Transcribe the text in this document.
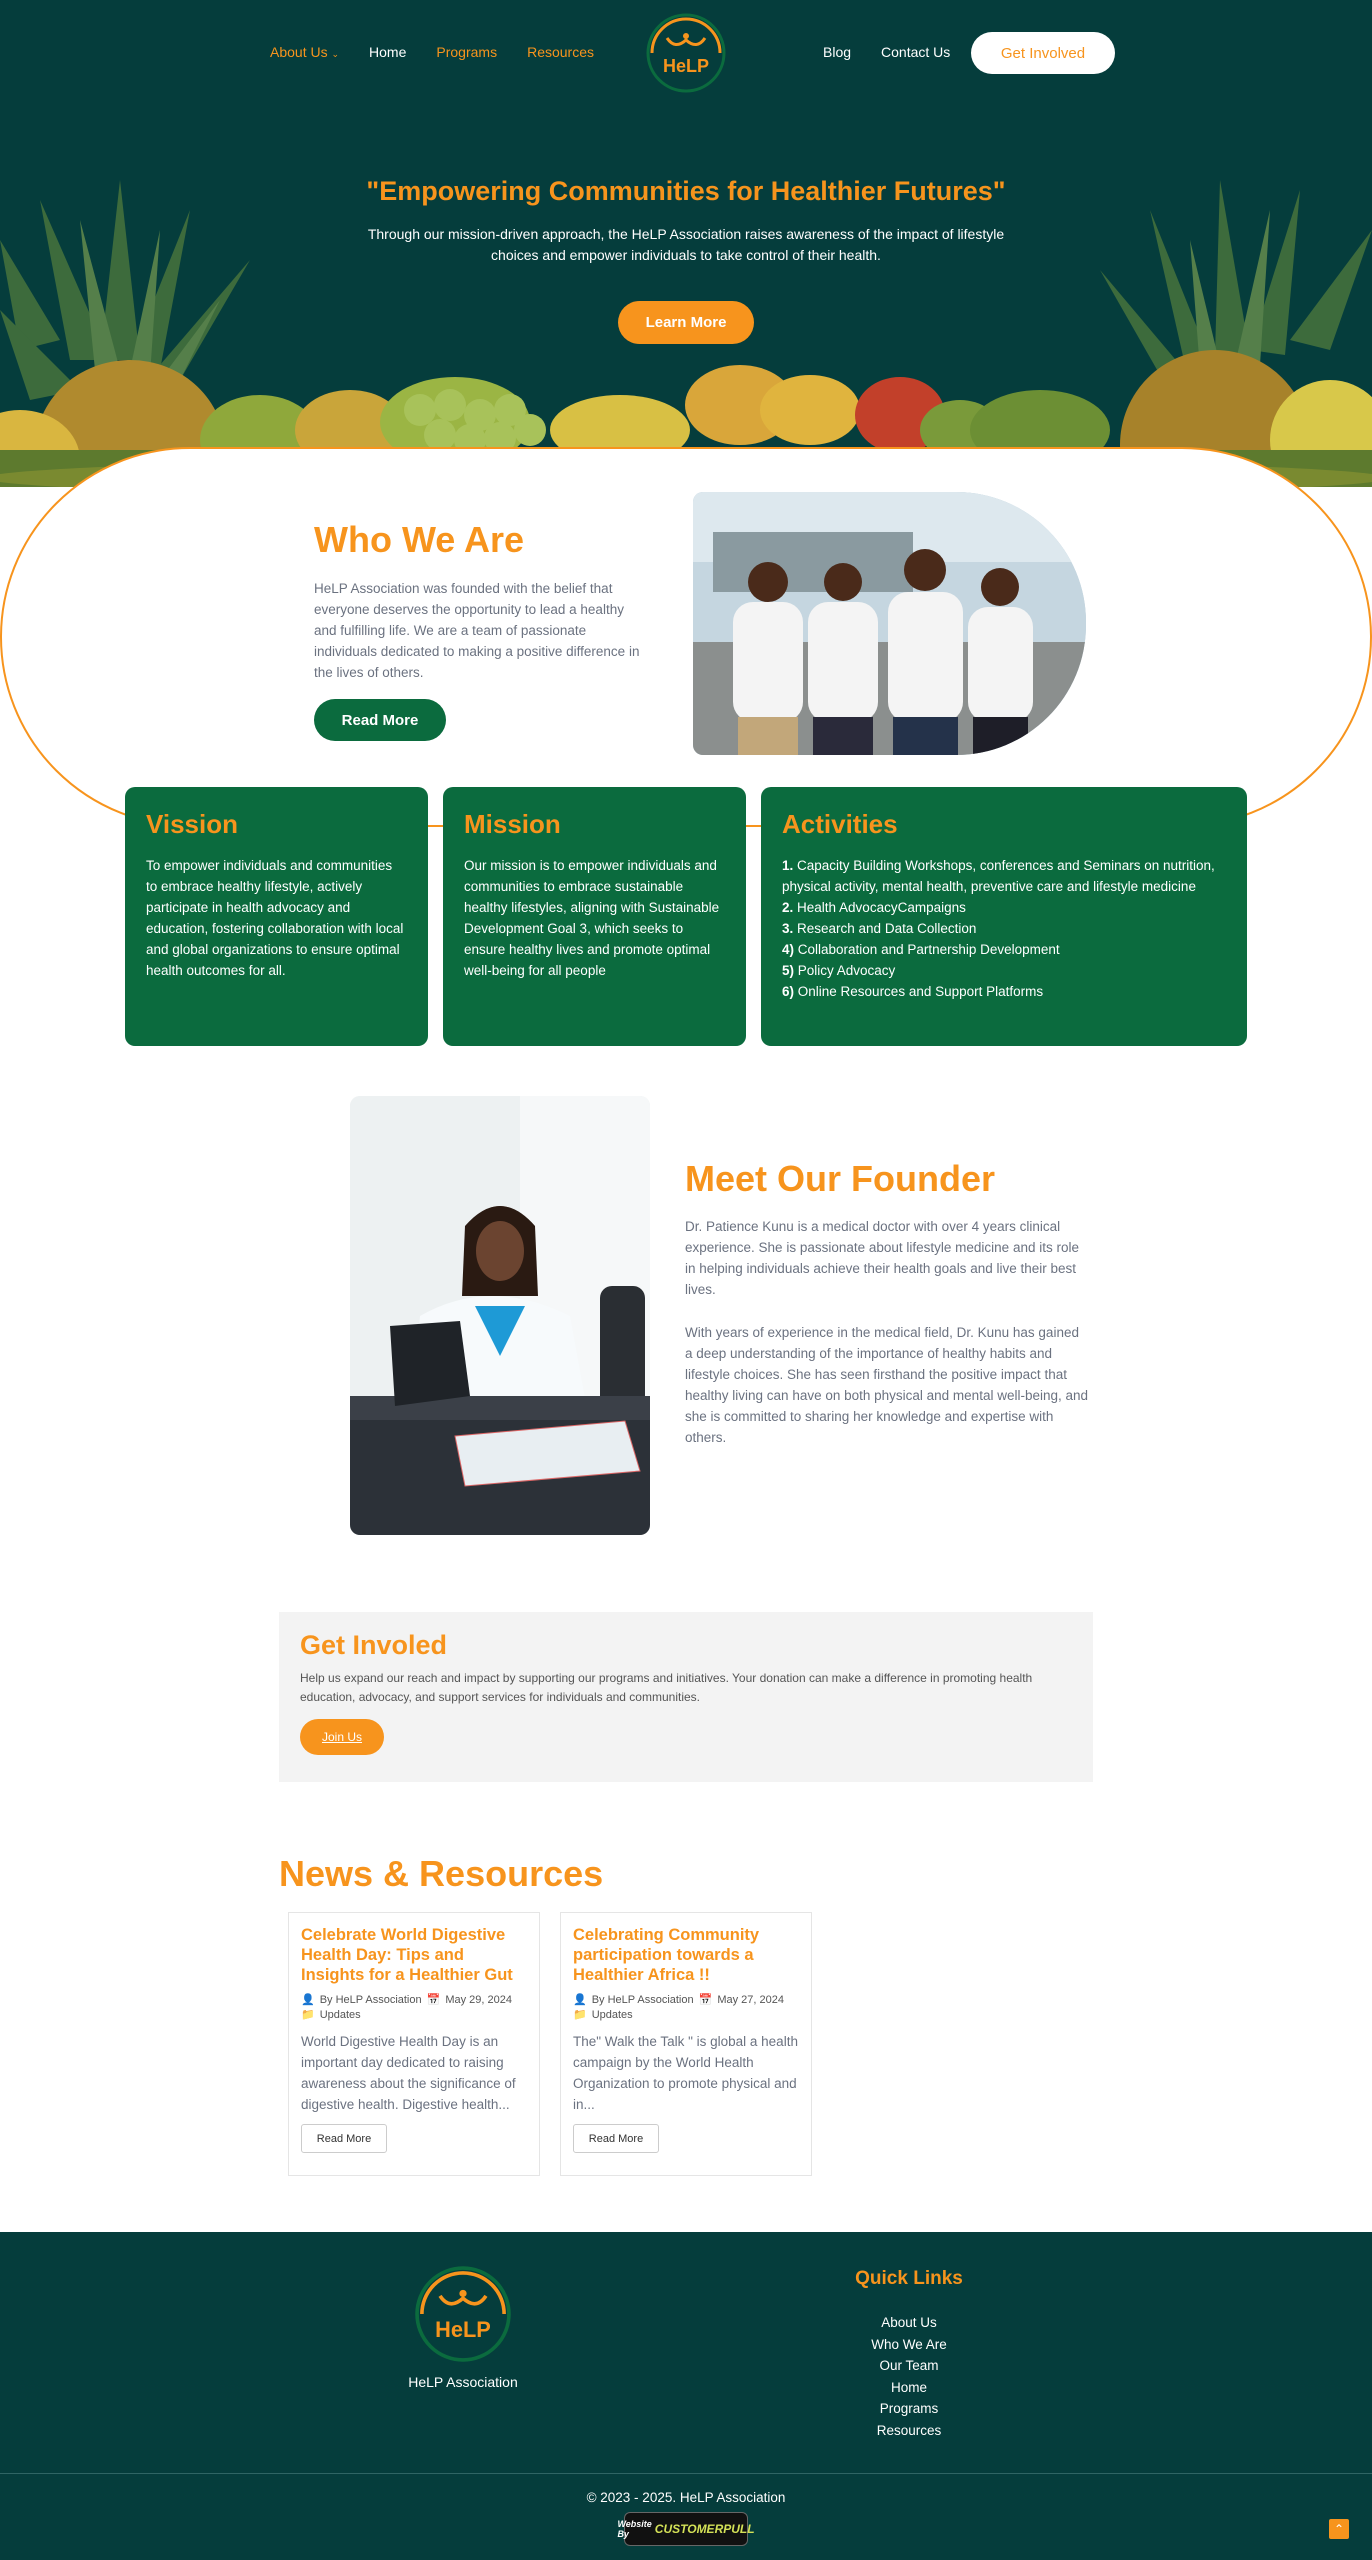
About Us ⌄ Home Programs Resources
HeLP
Blog Contact Us	Get Involved
"Empowering Communities for Healthier Futures"

Through our mission-driven approach, the HeLP Association raises awareness of the impact of lifestyle choices and empower individuals to take control of their health.

Learn More
Who We Are

HeLP Association was founded with the belief that everyone deserves the opportunity to lead a healthy and fulfilling life. We are a team of passionate individuals dedicated to making a positive difference in the lives of others.

Read More
Vission

To empower individuals and communities to embrace healthy lifestyle, actively participate in health advocacy and education, fostering collaboration with local and global organizations to ensure optimal health outcomes for all.

Mission

Our mission is to empower individuals and communities to embrace sustainable healthy lifestyles, aligning with Sustainable Development Goal 3, which seeks to ensure healthy lives and promote optimal well-being for all people

Activities
1. Capacity Building Workshops, conferences and Seminars on nutrition, physical activity, mental health, preventive care and lifestyle medicine
2. Health AdvocacyCampaigns
3. Research and Data Collection
4) Collaboration and Partnership Development
5) Policy Advocacy
6) Online Resources and Support Platforms
Meet Our Founder

Dr. Patience Kunu is a medical doctor with over 4 years clinical experience. She is passionate about lifestyle medicine and its role in helping individuals achieve their health goals and live their best lives.

With years of experience in the medical field, Dr. Kunu has gained a deep understanding of the importance of healthy habits and lifestyle choices. She has seen firsthand the positive impact that healthy living can have on both physical and mental well-being, and she is committed to sharing her knowledge and expertise with others.

Get Involed

Help us expand our reach and impact by supporting our programs and initiatives. Your donation can make a difference in promoting health education, advocacy, and support services for individuals and communities.

Join Us
News & Resources
Celebrate World Digestive Health Day: Tips and Insights for a Healthier Gut
👤 By HeLP Association 📅 May 29, 2024
📁 Updates

World Digestive Health Day is an important day dedicated to raising awareness about the significance of digestive health. Digestive health...

Read More
Celebrating Community participation towards a Healthier Africa !!
👤 By HeLP Association 📅 May 27, 2024
📁 Updates

The" Walk the Talk " is global a health campaign by the World Health Organization to promote physical and in...

Read More
HeLP
HeLP Association
Quick Links
About Us
Who We Are
Our Team
Home
Programs
Resources
© 2023 - 2025. HeLP Association
Website By	CUSTOMERPULL	⌃
